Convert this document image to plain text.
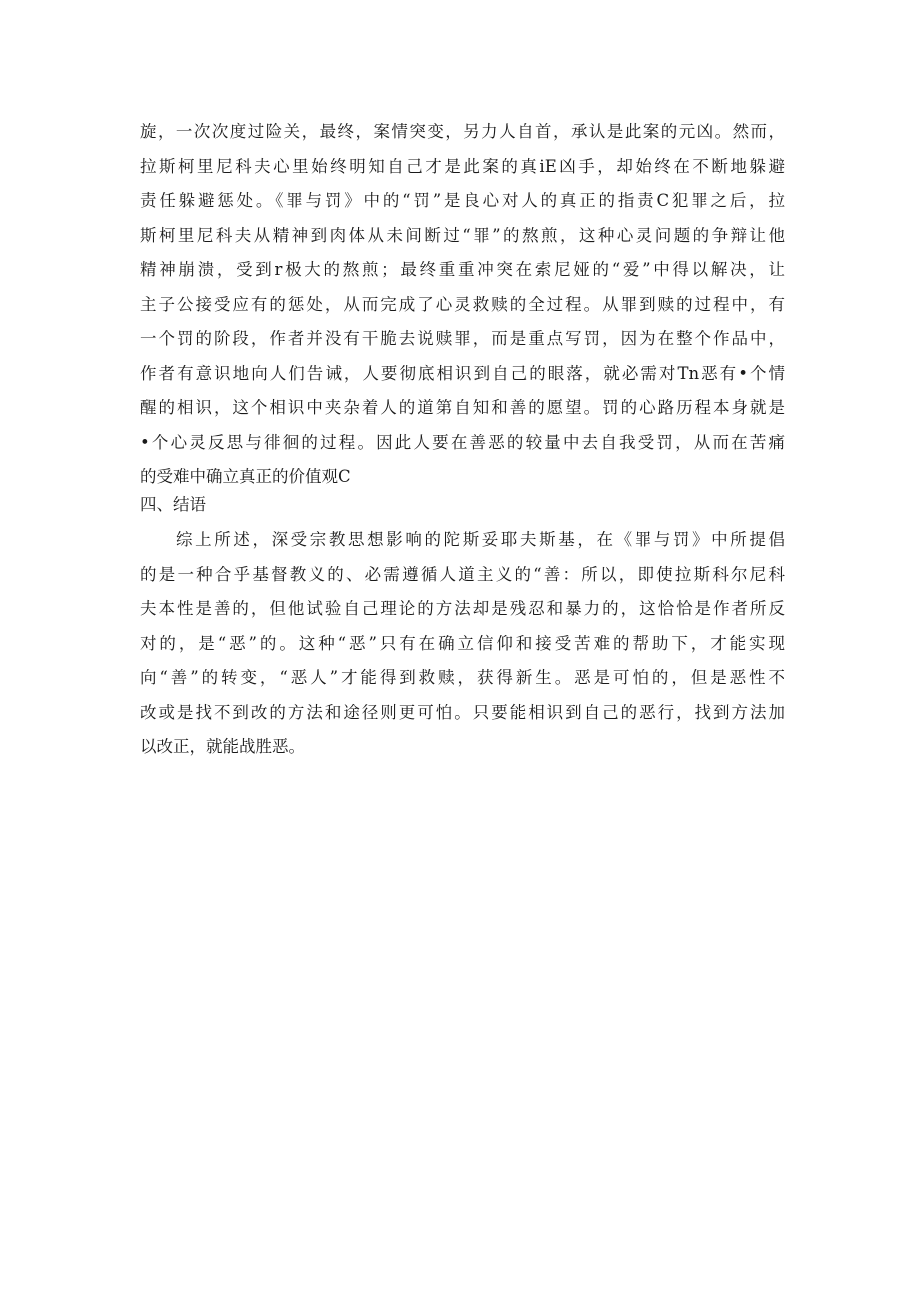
旋，一次次度过险关，最终，案情突变，另力人自首，承认是此案的元凶。然而，
拉斯柯里尼科夫心里始终明知自己才是此案的真iE凶手，却始终在不断地躲避
责任躲避惩处。《罪与罚》中的“罚”是良心对人的真正的指责C犯罪之后，拉
斯柯里尼科夫从精神到肉体从未间断过“罪”的熬煎，这种心灵问题的争辩让他
精神崩溃，受到r极大的熬煎；最终重重冲突在索尼娅的“爱”中得以解决，让
主子公接受应有的惩处，从而完成了心灵救赎的全过程。从罪到赎的过程中，有
一个罚的阶段，作者并没有干脆去说赎罪，而是重点写罚，因为在整个作品中，
作者有意识地向人们告诫，人要彻底相识到自己的眼落，就必需对Tn恶有•个情
醒的相识，这个相识中夹杂着人的道第自知和善的愿望。罚的心路历程本身就是
•个心灵反思与徘徊的过程。因此人要在善恶的较量中去自我受罚，从而在苦痛
的受难中确立真正的价值观C
四、结语
综上所述，深受宗教思想影响的陀斯妥耶夫斯基，在《罪与罚》中所提倡
的是一种合乎基督教义的、必需遵循人道主义的“善：所以，即使拉斯科尔尼科
夫本性是善的，但他试验自己理论的方法却是残忍和暴力的，这恰恰是作者所反
对的，是“恶”的。这种“恶”只有在确立信仰和接受苦难的帮助下，才能实现
向“善”的转变，“恶人”才能得到救赎，获得新生。恶是可怕的，但是恶性不
改或是找不到改的方法和途径则更可怕。只要能相识到自己的恶行，找到方法加
以改正，就能战胜恶。
